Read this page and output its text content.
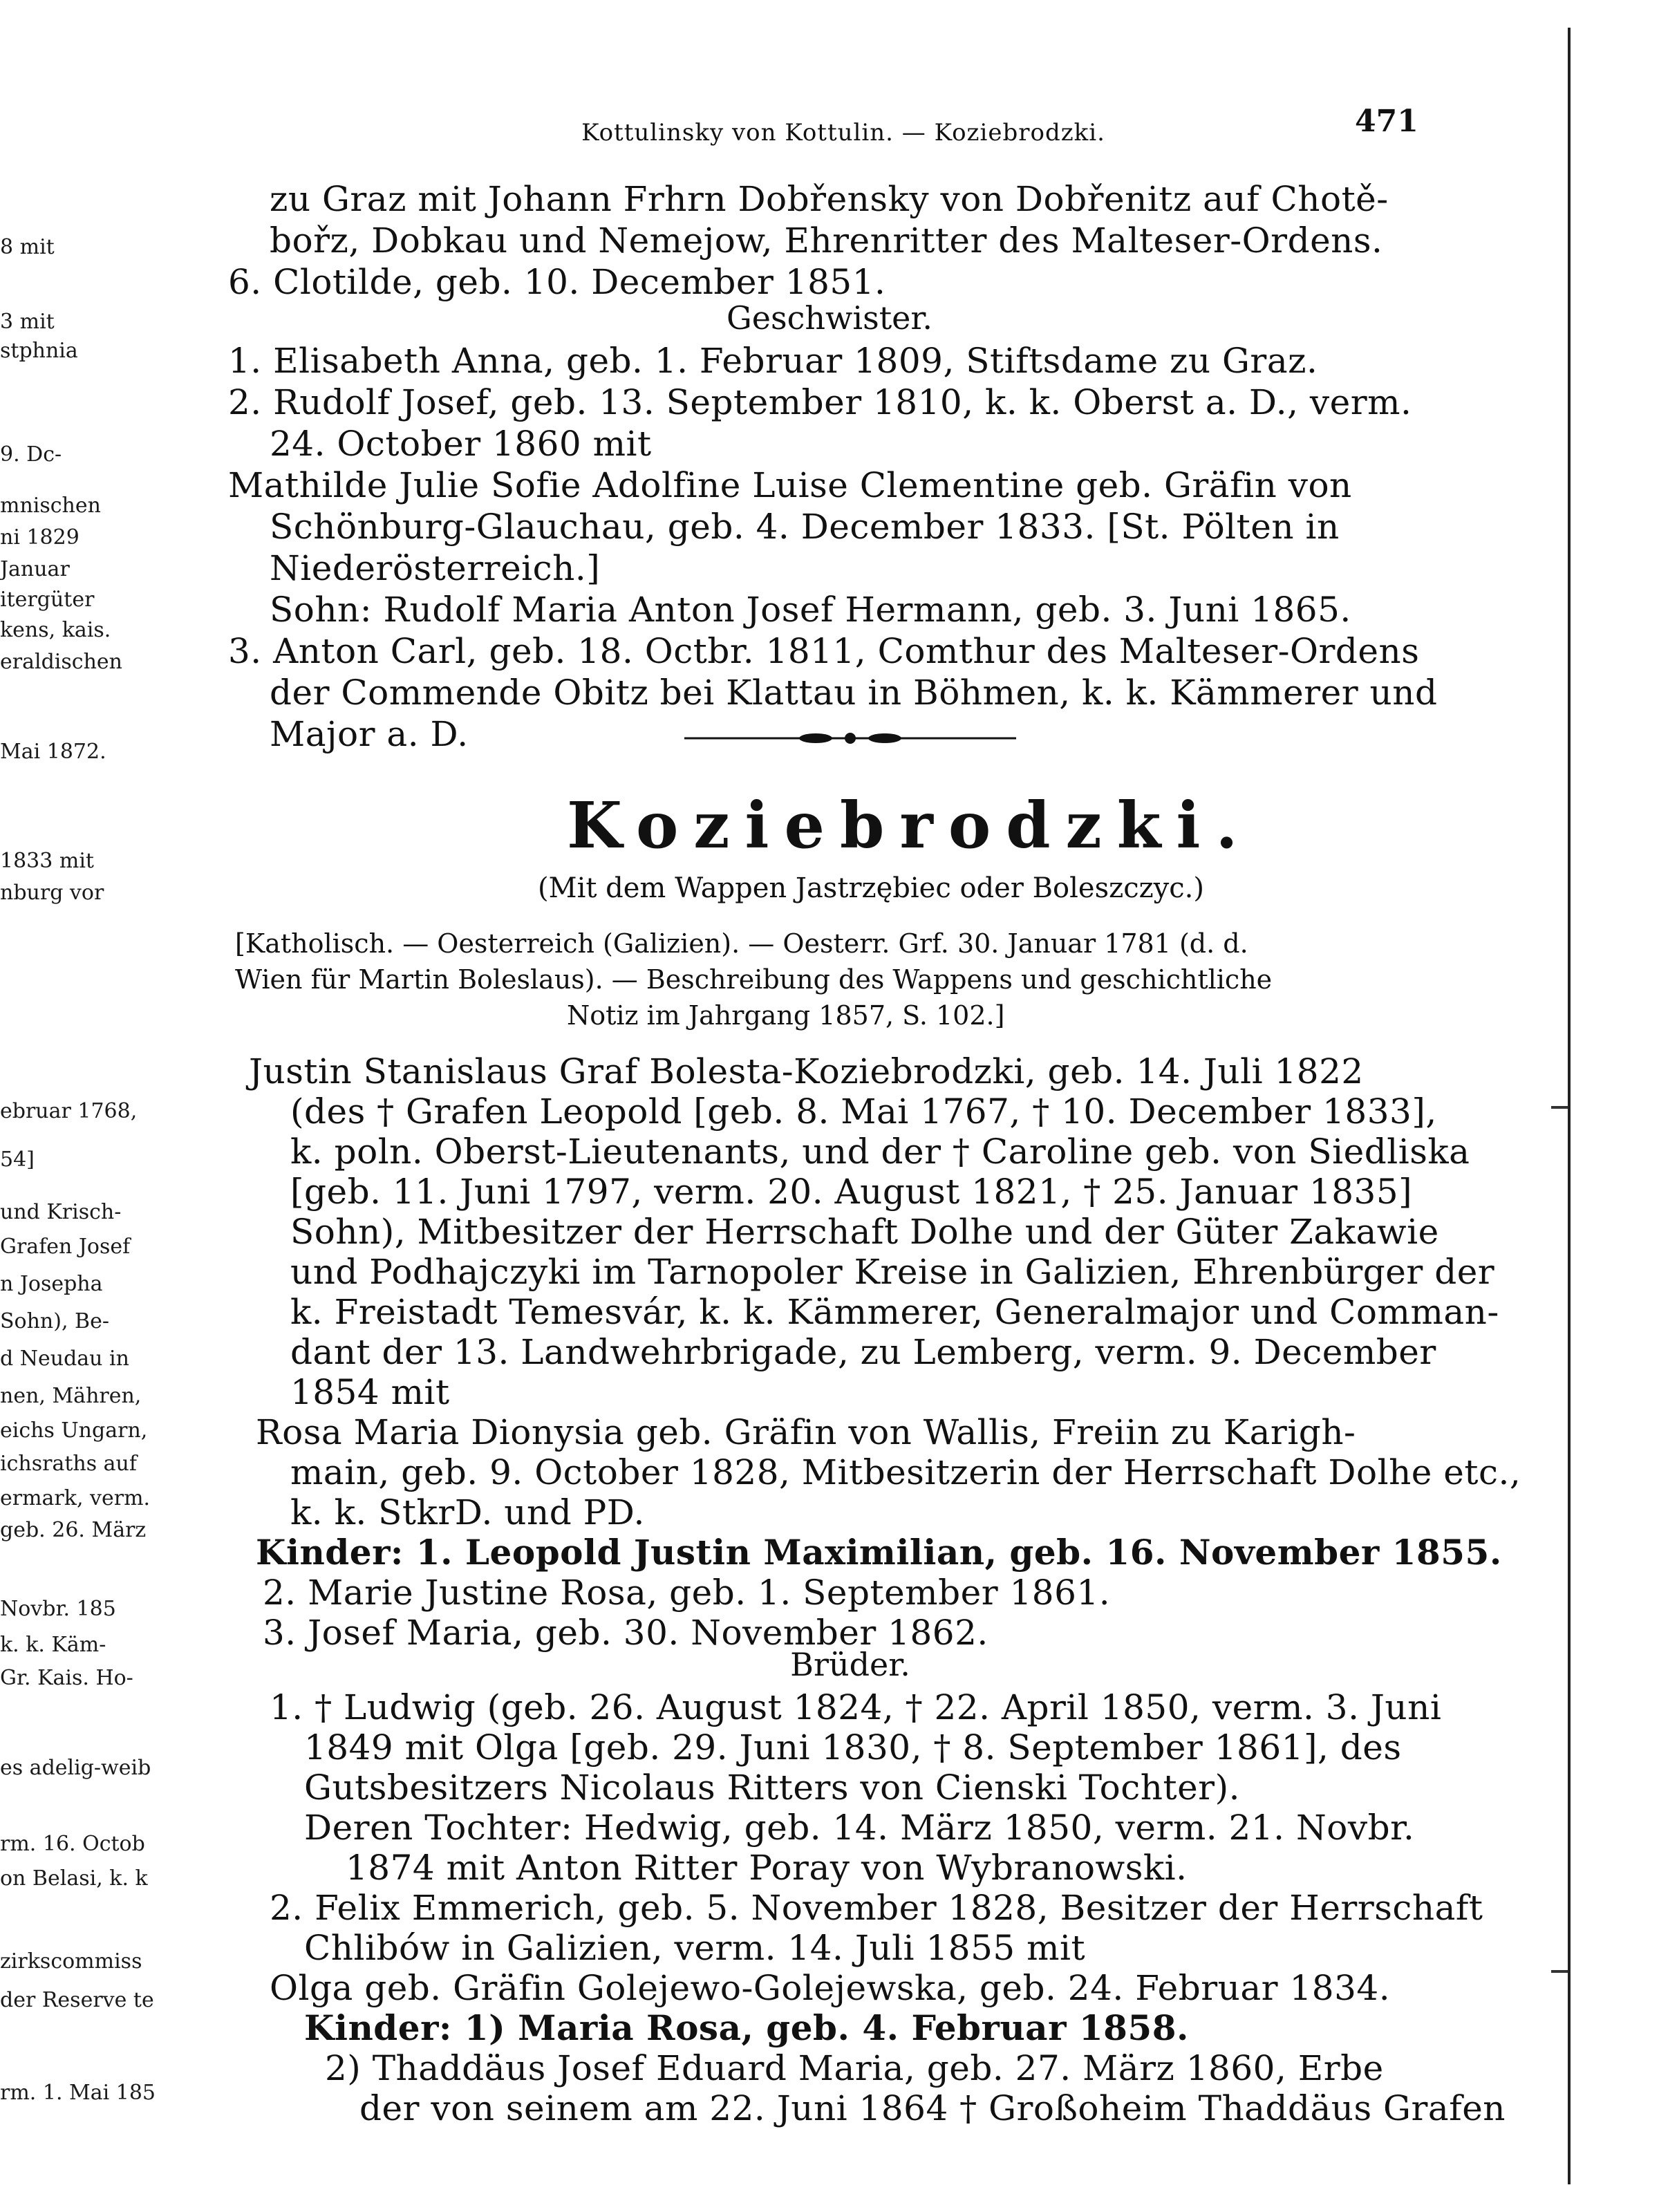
8 mit
3 mit
stphnia
9. Dc-
mnischen
ni 1829
Januar
itergüter
kens, kais.
eraldischen
Mai 1872.
1833 mit
nburg vor
ebruar 1768,
54]
und Krisch-
Grafen Josef
n Josepha
Sohn), Be-
d Neudau in
nen, Mähren,
eichs Ungarn,
ichsraths auf
ermark, verm.
geb. 26. März
Novbr. 185
k. k. Käm-
Gr. Kais. Ho-
es adelig-weib
rm. 16. Octob
on Belasi, k. k
zirkscommiss
der Reserve te
rm. 1. Mai 185
Kottulinsky von Kottulin. — Koziebrodzki.	471
zu Graz mit Johann Frhrn Dobřensky von Dobřenitz auf Chotě-
bořz, Dobkau und Nemejow, Ehrenritter des Malteser-Ordens.
6. Clotilde, geb. 10. December 1851.
Geschwister.
1. Elisabeth Anna, geb. 1. Februar 1809, Stiftsdame zu Graz.
2. Rudolf Josef, geb. 13. September 1810, k. k. Oberst a. D., verm.
24. October 1860 mit
Mathilde Julie Sofie Adolfine Luise Clementine geb. Gräfin von
Schönburg-Glauchau, geb. 4. December 1833. [St. Pölten in
Niederösterreich.]
Sohn: Rudolf Maria Anton Josef Hermann, geb. 3. Juni 1865.
3. Anton Carl, geb. 18. Octbr. 1811, Comthur des Malteser-Ordens
der Commende Obitz bei Klattau in Böhmen, k. k. Kämmerer und
Major a. D.
Koziebrodzki.
(Mit dem Wappen Jastrzębiec oder Boleszczyc.)
[Katholisch. — Oesterreich (Galizien). — Oesterr. Grf. 30. Januar 1781 (d. d.
Wien für Martin Boleslaus). — Beschreibung des Wappens und geschichtliche
Notiz im Jahrgang 1857, S. 102.]
Justin Stanislaus Graf Bolesta-Koziebrodzki, geb. 14. Juli 1822
(des † Grafen Leopold [geb. 8. Mai 1767, † 10. December 1833],
k. poln. Oberst-Lieutenants, und der † Caroline geb. von Siedliska
[geb. 11. Juni 1797, verm. 20. August 1821, † 25. Januar 1835]
Sohn), Mitbesitzer der Herrschaft Dolhe und der Güter Zakawie
und Podhajczyki im Tarnopoler Kreise in Galizien, Ehrenbürger der
k. Freistadt Temesvár, k. k. Kämmerer, Generalmajor und Comman-
dant der 13. Landwehrbrigade, zu Lemberg, verm. 9. December
1854 mit
Rosa Maria Dionysia geb. Gräfin von Wallis, Freiin zu Karigh-
main, geb. 9. October 1828, Mitbesitzerin der Herrschaft Dolhe etc.,
k. k. StkrD. und PD.
Kinder: 1. Leopold Justin Maximilian, geb. 16. November 1855.
2. Marie Justine Rosa, geb. 1. September 1861.
3. Josef Maria, geb. 30. November 1862.
Brüder.
1. † Ludwig (geb. 26. August 1824, † 22. April 1850, verm. 3. Juni
1849 mit Olga [geb. 29. Juni 1830, † 8. September 1861], des
Gutsbesitzers Nicolaus Ritters von Cienski Tochter).
Deren Tochter: Hedwig, geb. 14. März 1850, verm. 21. Novbr.
1874 mit Anton Ritter Poray von Wybranowski.
2. Felix Emmerich, geb. 5. November 1828, Besitzer der Herrschaft
Chlibów in Galizien, verm. 14. Juli 1855 mit
Olga geb. Gräfin Golejewo-Golejewska, geb. 24. Februar 1834.
Kinder: 1) Maria Rosa, geb. 4. Februar 1858.
2) Thaddäus Josef Eduard Maria, geb. 27. März 1860, Erbe
der von seinem am 22. Juni 1864 † Großoheim Thaddäus Grafen
